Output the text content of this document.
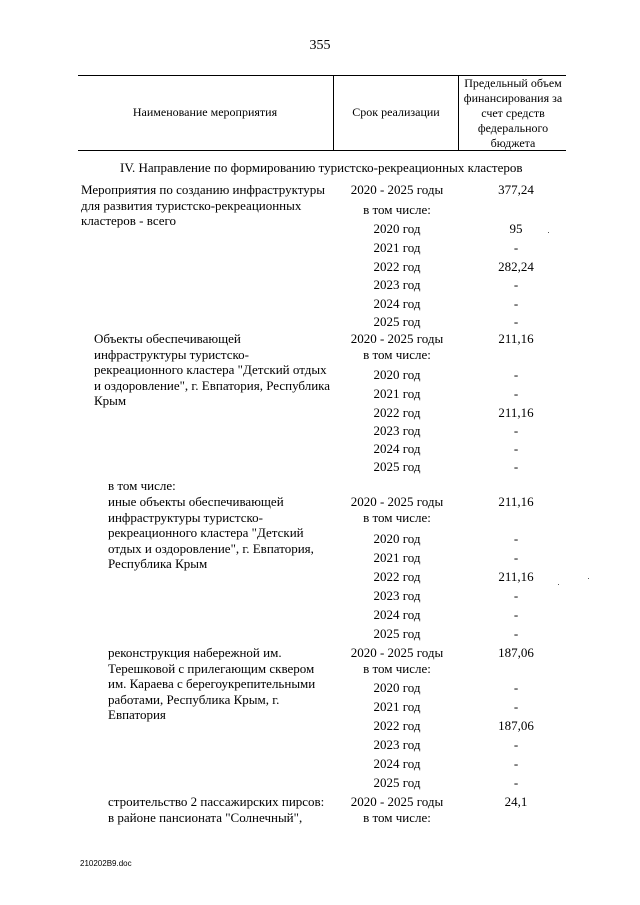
355
Наименование мероприятия	Срок реализации
Предельный объем финансирования за счет средств федерального бюджета
IV. Направление по формированию туристско-рекреационных кластеров
Мероприятия по созданию инфраструктуры для развития туристско-рекреационных кластеров - всего
2020 - 2025 годы	377,24
в том числе:
2020 год	95
2021 год	-
2022 год	282,24
2023 год	-
2024 год	-
2025 год	-
Объекты обеспечивающей инфраструктуры туристско-рекреационного кластера "Детский отдых и оздоровление", г. Евпатория, Республика Крым
2020 - 2025 годы	211,16
в том числе:
2020 год	-
2021 год	-
2022 год	211,16
2023 год	-
2024 год	-
2025 год	-
в том числе:
иные объекты обеспечивающей инфраструктуры туристско-рекреационного кластера "Детский отдых и оздоровление", г. Евпатория, Республика Крым
2020 - 2025 годы	211,16
в том числе:
2020 год	-
2021 год	-
2022 год	211,16
2023 год	-
2024 год	-
2025 год	-
реконструкция набережной им. Терешковой с прилегающим сквером им. Караева с берегоукрепительными работами, Республика Крым, г. Евпатория
2020 - 2025 годы	187,06
в том числе:
2020 год	-
2021 год	-
2022 год	187,06
2023 год	-
2024 год	-
2025 год	-
строительство 2 пассажирских пирсов: в районе пансионата "Солнечный",
2020 - 2025 годы	24,1
в том числе:
210202В9.doc
